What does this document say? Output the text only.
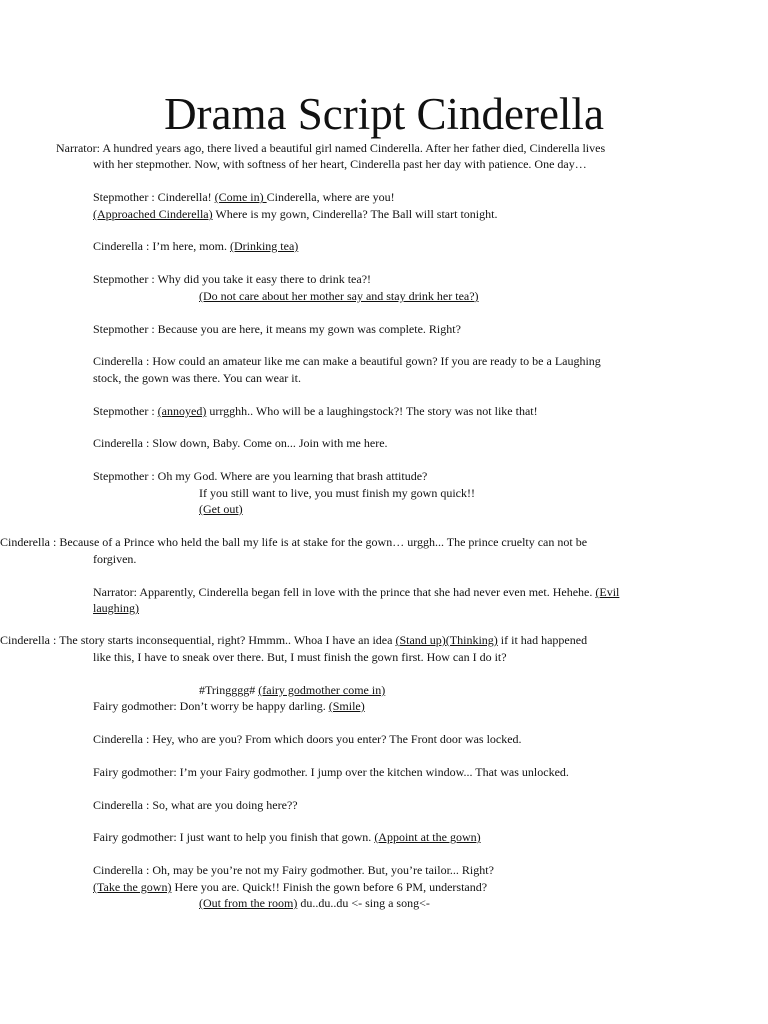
Drama Script Cinderella
Narrator: A hundred years ago, there lived a beautiful girl named Cinderella. After her father died, Cinderella lives
with her stepmother. Now, with softness of her heart, Cinderella past her day with patience. One day…
Stepmother : Cinderella! (Come in) Cinderella, where are you!
(Approached Cinderella) Where is my gown, Cinderella? The Ball will start tonight.
Cinderella : I’m here, mom. (Drinking tea)
Stepmother : Why did you take it easy there to drink tea?!
(Do not care about her mother say and stay drink her tea?)
Stepmother : Because you are here, it means my gown was complete. Right?
Cinderella : How could an amateur like me can make a beautiful gown? If you are ready to be a Laughing
stock, the gown was there. You can wear it.
Stepmother : (annoyed) urrgghh.. Who will be a laughingstock?! The story was not like that!
Cinderella : Slow down, Baby. Come on... Join with me here.
Stepmother : Oh my God. Where are you learning that brash attitude?
If you still want to live, you must finish my gown quick!!
(Get out)
Cinderella : Because of a Prince who held the ball my life is at stake for the gown… urggh... The prince cruelty can not be
forgiven.
Narrator: Apparently, Cinderella began fell in love with the prince that she had never even met. Hehehe. (Evil
laughing)
Cinderella : The story starts inconsequential, right? Hmmm.. Whoa I have an idea (Stand up)(Thinking) if it had happened
like this, I have to sneak over there. But, I must finish the gown first. How can I do it?
#Tringggg# (fairy godmother come in)
Fairy godmother: Don’t worry be happy darling. (Smile)
Cinderella : Hey, who are you? From which doors you enter? The Front door was locked.
Fairy godmother: I’m your Fairy godmother. I jump over the kitchen window... That was unlocked.
Cinderella : So, what are you doing here??
Fairy godmother: I just want to help you finish that gown. (Appoint at the gown)
Cinderella : Oh, may be you’re not my Fairy godmother. But, you’re tailor... Right?
(Take the gown) Here you are. Quick!! Finish the gown before 6 PM, understand?
(Out from the room) du..du..du <- sing a song<-
